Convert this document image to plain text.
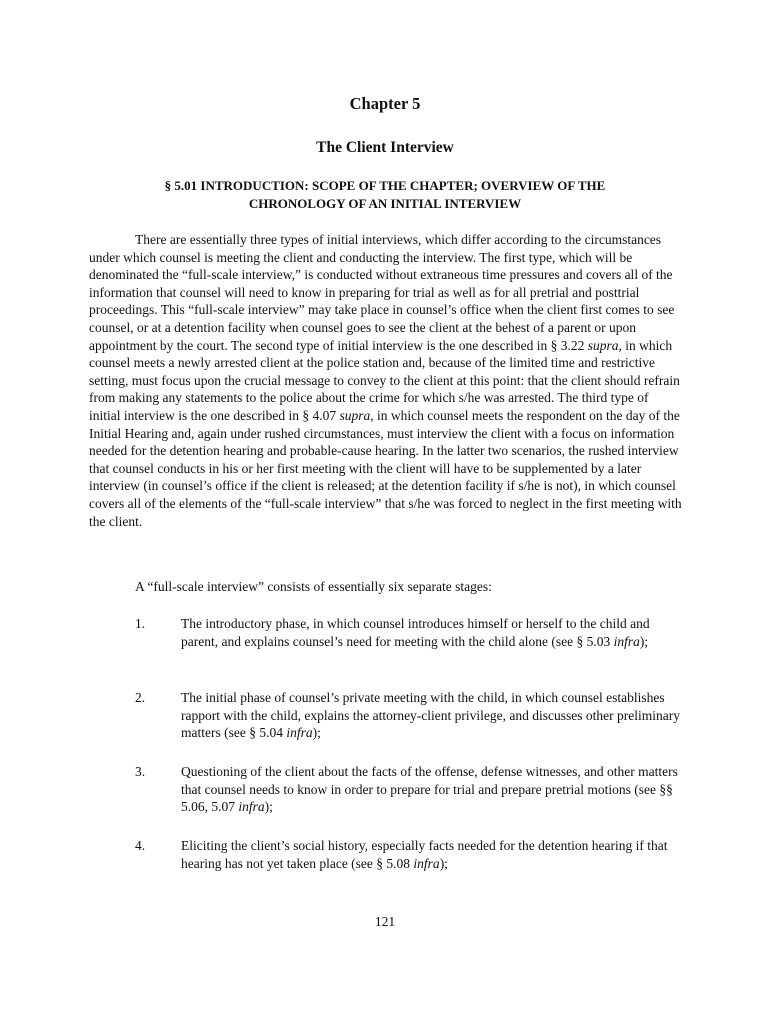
Chapter 5
The Client Interview
§ 5.01 INTRODUCTION: SCOPE OF THE CHAPTER; OVERVIEW OF THE CHRONOLOGY OF AN INITIAL INTERVIEW

There are essentially three types of initial interviews, which differ according to the circumstances under which counsel is meeting the client and conducting the interview. The first type, which will be denominated the “full-scale interview,” is conducted without extraneous time pressures and covers all of the information that counsel will need to know in preparing for trial as well as for all pretrial and posttrial proceedings. This “full-scale interview” may take place in counsel’s office when the client first comes to see counsel, or at a detention facility when counsel goes to see the client at the behest of a parent or upon appointment by the court. The second type of initial interview is the one described in § 3.22 supra, in which counsel meets a newly arrested client at the police station and, because of the limited time and restrictive setting, must focus upon the crucial message to convey to the client at this point: that the client should refrain from making any statements to the police about the crime for which s/he was arrested. The third type of initial interview is the one described in § 4.07 supra, in which counsel meets the respondent on the day of the Initial Hearing and, again under rushed circumstances, must interview the client with a focus on information needed for the detention hearing and probable-cause hearing. In the latter two scenarios, the rushed interview that counsel conducts in his or her first meeting with the client will have to be supplemented by a later interview (in counsel’s office if the client is released; at the detention facility if s/he is not), in which counsel covers all of the elements of the “full-scale interview” that s/he was forced to neglect in the first meeting with the client.

A “full-scale interview” consists of essentially six separate stages:

1.	The introductory phase, in which counsel introduces himself or herself to the child and parent, and explains counsel’s need for meeting with the child alone (see § 5.03 infra);
2.	The initial phase of counsel’s private meeting with the child, in which counsel establishes rapport with the child, explains the attorney-client privilege, and discusses other preliminary matters (see § 5.04 infra);
3.	Questioning of the client about the facts of the offense, defense witnesses, and other matters that counsel needs to know in order to prepare for trial and prepare pretrial motions (see §§ 5.06, 5.07 infra);
4.	Eliciting the client’s social history, especially facts needed for the detention hearing if that hearing has not yet taken place (see § 5.08 infra);
121
